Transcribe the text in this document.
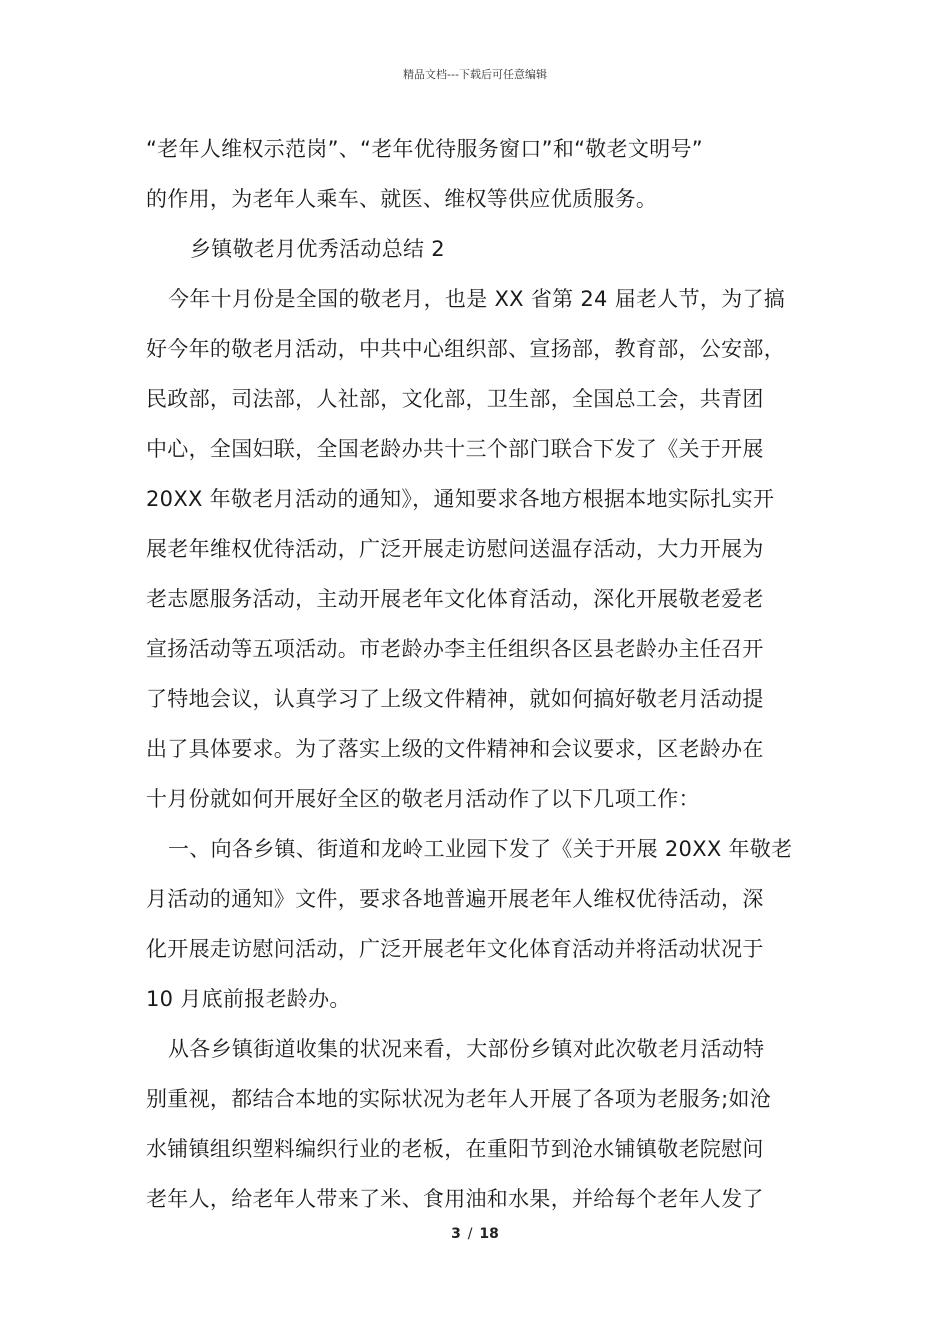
精品文档---下载后可任意编辑
“老年人维权示范岗”、“老年优待服务窗口”和“敬老文明号”
的作用，为老年人乘车、就医、维权等供应优质服务。
乡镇敬老月优秀活动总结 2
今年十月份是全国的敬老月，也是 XX 省第 24 届老人节，为了搞
好今年的敬老月活动，中共中心组织部、宣扬部，教育部，公安部，
民政部，司法部，人社部，文化部，卫生部，全国总工会，共青团
中心，全国妇联，全国老龄办共十三个部门联合下发了《关于开展
20XX 年敬老月活动的通知》，通知要求各地方根据本地实际扎实开
展老年维权优待活动，广泛开展走访慰问送温存活动，大力开展为
老志愿服务活动，主动开展老年文化体育活动，深化开展敬老爱老
宣扬活动等五项活动。市老龄办李主任组织各区县老龄办主任召开
了特地会议，认真学习了上级文件精神，就如何搞好敬老月活动提
出了具体要求。为了落实上级的文件精神和会议要求，区老龄办在
十月份就如何开展好全区的敬老月活动作了以下几项工作：
一、向各乡镇、街道和龙岭工业园下发了《关于开展 20XX 年敬老
月活动的通知》文件，要求各地普遍开展老年人维权优待活动，深
化开展走访慰问活动，广泛开展老年文化体育活动并将活动状况于
10 月底前报老龄办。
从各乡镇街道收集的状况来看，大部份乡镇对此次敬老月活动特
别重视，都结合本地的实际状况为老年人开展了各项为老服务;如沧
水铺镇组织塑料编织行业的老板，在重阳节到沧水铺镇敬老院慰问
老年人，给老年人带来了米、食用油和水果，并给每个老年人发了
3 / 18
